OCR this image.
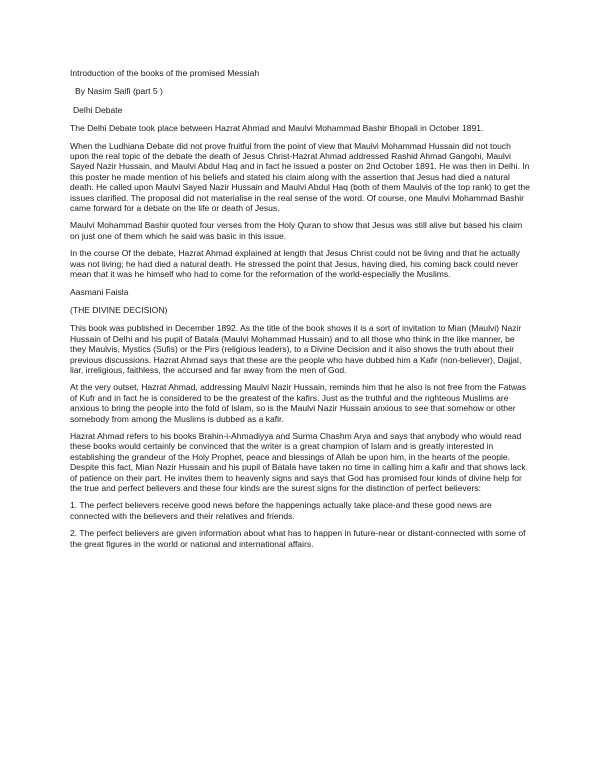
Introduction of the books of the promised Messiah
By Nasim Saifi (part 5 )
Delhi Debate

The Delhi Debate took place between Hazrat Ahmad and Maulvi Mohammad Bashir Bhopali in October 1891.

When the Ludhiana Debate did not prove fruitful from the point of view that Maulvi Mohammad Hussain did not touch upon the real topic of the debate the death of Jesus Christ-Hazrat Ahmad addressed Rashid Ahmad Gangohi, Maulvi Sayed Nazir Hussain, and Maulvi Abdul Haq and in fact he issued a poster on 2nd October 1891. He was then in Delhi. In this poster he made mention of his beliefs and stated his claim along with the assertion that Jesus had died a natural death. He called upon Maulvi Sayed Nazir Hussain and Maulvi Abdul Haq (both of them Maulvis of the top rank) to get the issues clarified. The proposal did not materialise in the real sense of the word. Of course, one Maulvi Mohammad Bashir came forward for a debate on the life or death of Jesus.

Maulvi Mohammad Bashir quoted four verses from the Holy Quran to show that Jesus was still alive but based his claim on just one of them which he said was basic in this issue.

In the course Of the debate, Hazrat Ahmad explained at length that Jesus Christ could not be living and that he actually was not living; he had died a natural death. He stressed the point that Jesus, having died, his coming back could never mean that it was he himself who had to come for the reformation of the world-especially the Muslims.

Aasmani Faisla
(THE DIVINE DECISION)

This book was published in December 1892. As the title of the book shows it is a sort of invitation to Mian (Maulvi) Nazir Hussain of Delhi and his pupil of Batala (Maulvi Mohammad Hussain) and to all those who think in the like manner, be they Maulvis, Mystics (Sufis) or the Pirs (religious leaders), to a Divine Decision and it also shows the truth about their previous discussions. Hazrat Ahmad says that these are the people who have dubbed him a Kafir (non-believer), Dajjal, liar, irreligious, faithless, the accursed and far away from the men of God.

At the very outset, Hazrat Ahmad, addressing Maulvi Nazir Hussain, reminds him that he also is not free from the Fatwas of Kufr and in fact he is considered to be the greatest of the kafirs. Just as the truthful and the righteous Muslims are anxious to bring the people into the fold of Islam, so is the Maulvi Nazir Hussain anxious to see that somehow or other somebody from among the Muslims is dubbed as a kafir.

Hazrat Ahmad refers to his books Brahin-i-Ahmadiyya and Surma Chashm Arya and says that anybody who would read these books would certainly be convinced that the writer is a great champion of Islam and is greatly interested in establishing the grandeur of the Holy Prophet, peace and blessings of Allah be upon him, in the hearts of the people. Despite this fact, Mian Nazir Hussain and his pupil of Batala have taken no time in calling him a kafir and that shows lack of patience on their part. He invites them to heavenly signs and says that God has promised four kinds of divine help for the true and perfect believers and these four kinds are the surest signs for the distinction of perfect believers:

1. The perfect believers receive good news before the happenings actually take place-and these good news are connected with the believers and their relatives and friends.

2. The perfect believers are given information about what has to happen in future-near or distant-connected with some of the great figures in the world or national and international affairs.
